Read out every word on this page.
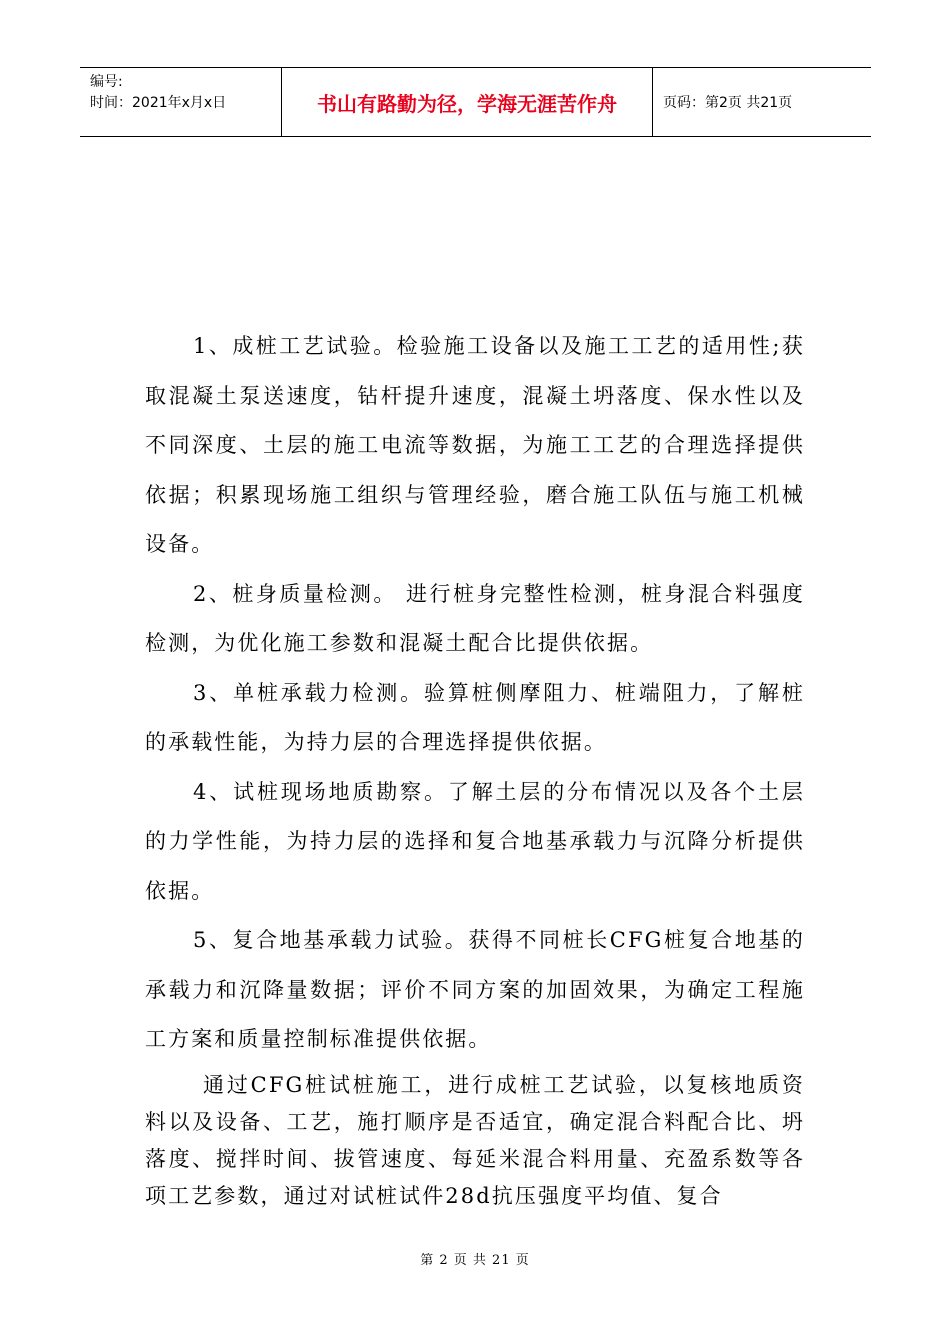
编号:
时间：2021年x月x日	书山有路勤为径，学海无涯苦作舟	页码：第2页 共21页

1、成桩工艺试验。检验施工设备以及施工工艺的适用性;获取混凝土泵送速度，钻杆提升速度，混凝土坍落度、保水性以及不同深度、土层的施工电流等数据，为施工工艺的合理选择提供依据；积累现场施工组织与管理经验，磨合施工队伍与施工机械设备。

2、桩身质量检测。 进行桩身完整性检测，桩身混合料强度检测，为优化施工参数和混凝土配合比提供依据。

3、单桩承载力检测。验算桩侧摩阻力、桩端阻力，了解桩的承载性能，为持力层的合理选择提供依据。

4、试桩现场地质勘察。了解土层的分布情况以及各个土层的力学性能，为持力层的选择和复合地基承载力与沉降分析提供依据。

5、复合地基承载力试验。获得不同桩长CFG桩复合地基的承载力和沉降量数据；评价不同方案的加固效果，为确定工程施工方案和质量控制标准提供依据。

通过CFG桩试桩施工，进行成桩工艺试验，以复核地质资料以及设备、工艺，施打顺序是否适宜，确定混合料配合比、坍落度、搅拌时间、拔管速度、每延米混合料用量、充盈系数等各项工艺参数，通过对试桩试件28d抗压强度平均值、复合

第 2 页 共 21 页
